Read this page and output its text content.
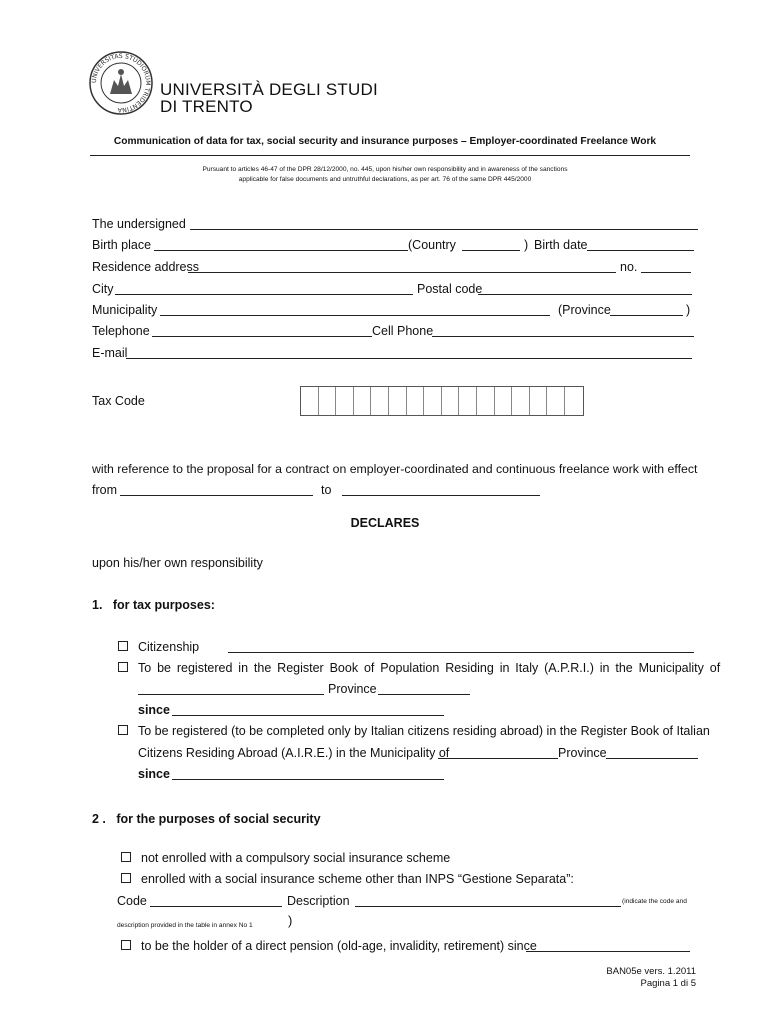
UNIVERSITAS STUDIORUM TRIDENTINA
UNIVERSITÀ DEGLI STUDI
DI TRENTO
Communication of data for tax, social security and insurance purposes – Employer-coordinated Freelance Work
Pursuant to articles 46-47 of the DPR 28/12/2000, no. 445, upon his/her own responsibility and in awareness of the sanctions
applicable for false documents and untruthful declarations, as per art. 76 of the same DPR 445/2000
The undersigned
Birth place	(Country	) Birth date
Residence address	no.
City	Postal code
Municipality	(Province	)
Telephone	Cell Phone
E-mail
Tax Code
with reference to the proposal for a contract on employer-coordinated and continuous freelance work with effect
from	to
DECLARES
upon his/her own responsibility
1.   for tax purposes:
Citizenship
To be registered in the Register Book of Population Residing in Italy (A.P.R.I.) in the Municipality of
Province
since
To be registered (to be completed only by Italian citizens residing abroad) in the Register Book of Italian
Citizens Residing Abroad (A.I.R.E.) in the Municipality of	Province
since
2 .   for the purposes of social security
not enrolled with a compulsory social insurance scheme
enrolled with a social insurance scheme other than INPS “Gestione Separata”:
Code	Description	(indicate the code and
description provided in the table in annex No 1	)
to be the holder of a direct pension (old-age, invalidity, retirement) since
BAN05e vers. 1.2011
Pagina 1 di 5
